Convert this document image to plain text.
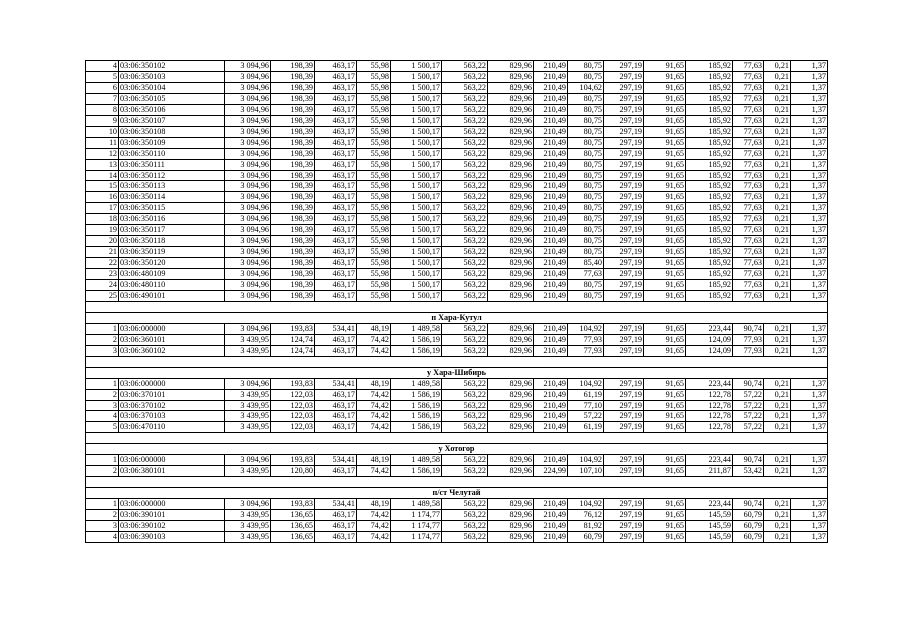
4	03:06:350102	3 094,96	198,39	463,17	55,98	1 500,17	563,22	829,96	210,49	80,75	297,19	91,65	185,92	77,63	0,21	1,37
5	03:06:350103	3 094,96	198,39	463,17	55,98	1 500,17	563,22	829,96	210,49	80,75	297,19	91,65	185,92	77,63	0,21	1,37
6	03:06:350104	3 094,96	198,39	463,17	55,98	1 500,17	563,22	829,96	210,49	104,62	297,19	91,65	185,92	77,63	0,21	1,37
7	03:06:350105	3 094,96	198,39	463,17	55,98	1 500,17	563,22	829,96	210,49	80,75	297,19	91,65	185,92	77,63	0,21	1,37
8	03:06:350106	3 094,96	198,39	463,17	55,98	1 500,17	563,22	829,96	210,49	80,75	297,19	91,65	185,92	77,63	0,21	1,37
9	03:06:350107	3 094,96	198,39	463,17	55,98	1 500,17	563,22	829,96	210,49	80,75	297,19	91,65	185,92	77,63	0,21	1,37
10	03:06:350108	3 094,96	198,39	463,17	55,98	1 500,17	563,22	829,96	210,49	80,75	297,19	91,65	185,92	77,63	0,21	1,37
11	03:06:350109	3 094,96	198,39	463,17	55,98	1 500,17	563,22	829,96	210,49	80,75	297,19	91,65	185,92	77,63	0,21	1,37
12	03:06:350110	3 094,96	198,39	463,17	55,98	1 500,17	563,22	829,96	210,49	80,75	297,19	91,65	185,92	77,63	0,21	1,37
13	03:06:350111	3 094,96	198,39	463,17	55,98	1 500,17	563,22	829,96	210,49	80,75	297,19	91,65	185,92	77,63	0,21	1,37
14	03:06:350112	3 094,96	198,39	463,17	55,98	1 500,17	563,22	829,96	210,49	80,75	297,19	91,65	185,92	77,63	0,21	1,37
15	03:06:350113	3 094,96	198,39	463,17	55,98	1 500,17	563,22	829,96	210,49	80,75	297,19	91,65	185,92	77,63	0,21	1,37
16	03:06:350114	3 094,96	198,39	463,17	55,98	1 500,17	563,22	829,96	210,49	80,75	297,19	91,65	185,92	77,63	0,21	1,37
17	03:06:350115	3 094,96	198,39	463,17	55,98	1 500,17	563,22	829,96	210,49	80,75	297,19	91,65	185,92	77,63	0,21	1,37
18	03:06:350116	3 094,96	198,39	463,17	55,98	1 500,17	563,22	829,96	210,49	80,75	297,19	91,65	185,92	77,63	0,21	1,37
19	03:06:350117	3 094,96	198,39	463,17	55,98	1 500,17	563,22	829,96	210,49	80,75	297,19	91,65	185,92	77,63	0,21	1,37
20	03:06:350118	3 094,96	198,39	463,17	55,98	1 500,17	563,22	829,96	210,49	80,75	297,19	91,65	185,92	77,63	0,21	1,37
21	03:06:350119	3 094,96	198,39	463,17	55,98	1 500,17	563,22	829,96	210,49	80,75	297,19	91,65	185,92	77,63	0,21	1,37
22	03:06:350120	3 094,96	198,39	463,17	55,98	1 500,17	563,22	829,96	210,49	85,40	297,19	91,65	185,92	77,63	0,21	1,37
23	03:06:480109	3 094,96	198,39	463,17	55,98	1 500,17	563,22	829,96	210,49	77,63	297,19	91,65	185,92	77,63	0,21	1,37
24	03:06:480110	3 094,96	198,39	463,17	55,98	1 500,17	563,22	829,96	210,49	80,75	297,19	91,65	185,92	77,63	0,21	1,37
25	03:06:490101	3 094,96	198,39	463,17	55,98	1 500,17	563,22	829,96	210,49	80,75	297,19	91,65	185,92	77,63	0,21	1,37

п Хара-Кутул																
1	03:06:000000	3 094,96	193,83	534,41	48,19	1 489,58	563,22	829,96	210,49	104,92	297,19	91,65	223,44	90,74	0,21	1,37
2	03:06:360101	3 439,95	124,74	463,17	74,42	1 586,19	563,22	829,96	210,49	77,93	297,19	91,65	124,09	77,93	0,21	1,37
3	03:06:360102	3 439,95	124,74	463,17	74,42	1 586,19	563,22	829,96	210,49	77,93	297,19	91,65	124,09	77,93	0,21	1,37

у Хара-Шибирь																
1	03:06:000000	3 094,96	193,83	534,41	48,19	1 489,58	563,22	829,96	210,49	104,92	297,19	91,65	223,44	90,74	0,21	1,37
2	03:06:370101	3 439,95	122,03	463,17	74,42	1 586,19	563,22	829,96	210,49	61,19	297,19	91,65	122,78	57,22	0,21	1,37
3	03:06:370102	3 439,95	122,03	463,17	74,42	1 586,19	563,22	829,96	210,49	77,10	297,19	91,65	122,78	57,22	0,21	1,37
4	03:06:370103	3 439,95	122,03	463,17	74,42	1 586,19	563,22	829,96	210,49	57,22	297,19	91,65	122,78	57,22	0,21	1,37
5	03:06:470110	3 439,95	122,03	463,17	74,42	1 586,19	563,22	829,96	210,49	61,19	297,19	91,65	122,78	57,22	0,21	1,37

у Хотогор																
1	03:06:000000	3 094,96	193,83	534,41	48,19	1 489,58	563,22	829,96	210,49	104,92	297,19	91,65	223,44	90,74	0,21	1,37
2	03:06:380101	3 439,95	120,80	463,17	74,42	1 586,19	563,22	829,96	224,99	107,10	297,19	91,65	211,87	53,42	0,21	1,37

п/ст Челутай																
1	03:06:000000	3 094,96	193,83	534,41	48,19	1 489,58	563,22	829,96	210,49	104,92	297,19	91,65	223,44	90,74	0,21	1,37
2	03:06:390101	3 439,95	136,65	463,17	74,42	1 174,77	563,22	829,96	210,49	76,12	297,19	91,65	145,59	60,79	0,21	1,37
3	03:06:390102	3 439,95	136,65	463,17	74,42	1 174,77	563,22	829,96	210,49	81,92	297,19	91,65	145,59	60,79	0,21	1,37
4	03:06:390103	3 439,95	136,65	463,17	74,42	1 174,77	563,22	829,96	210,49	60,79	297,19	91,65	145,59	60,79	0,21	1,37
